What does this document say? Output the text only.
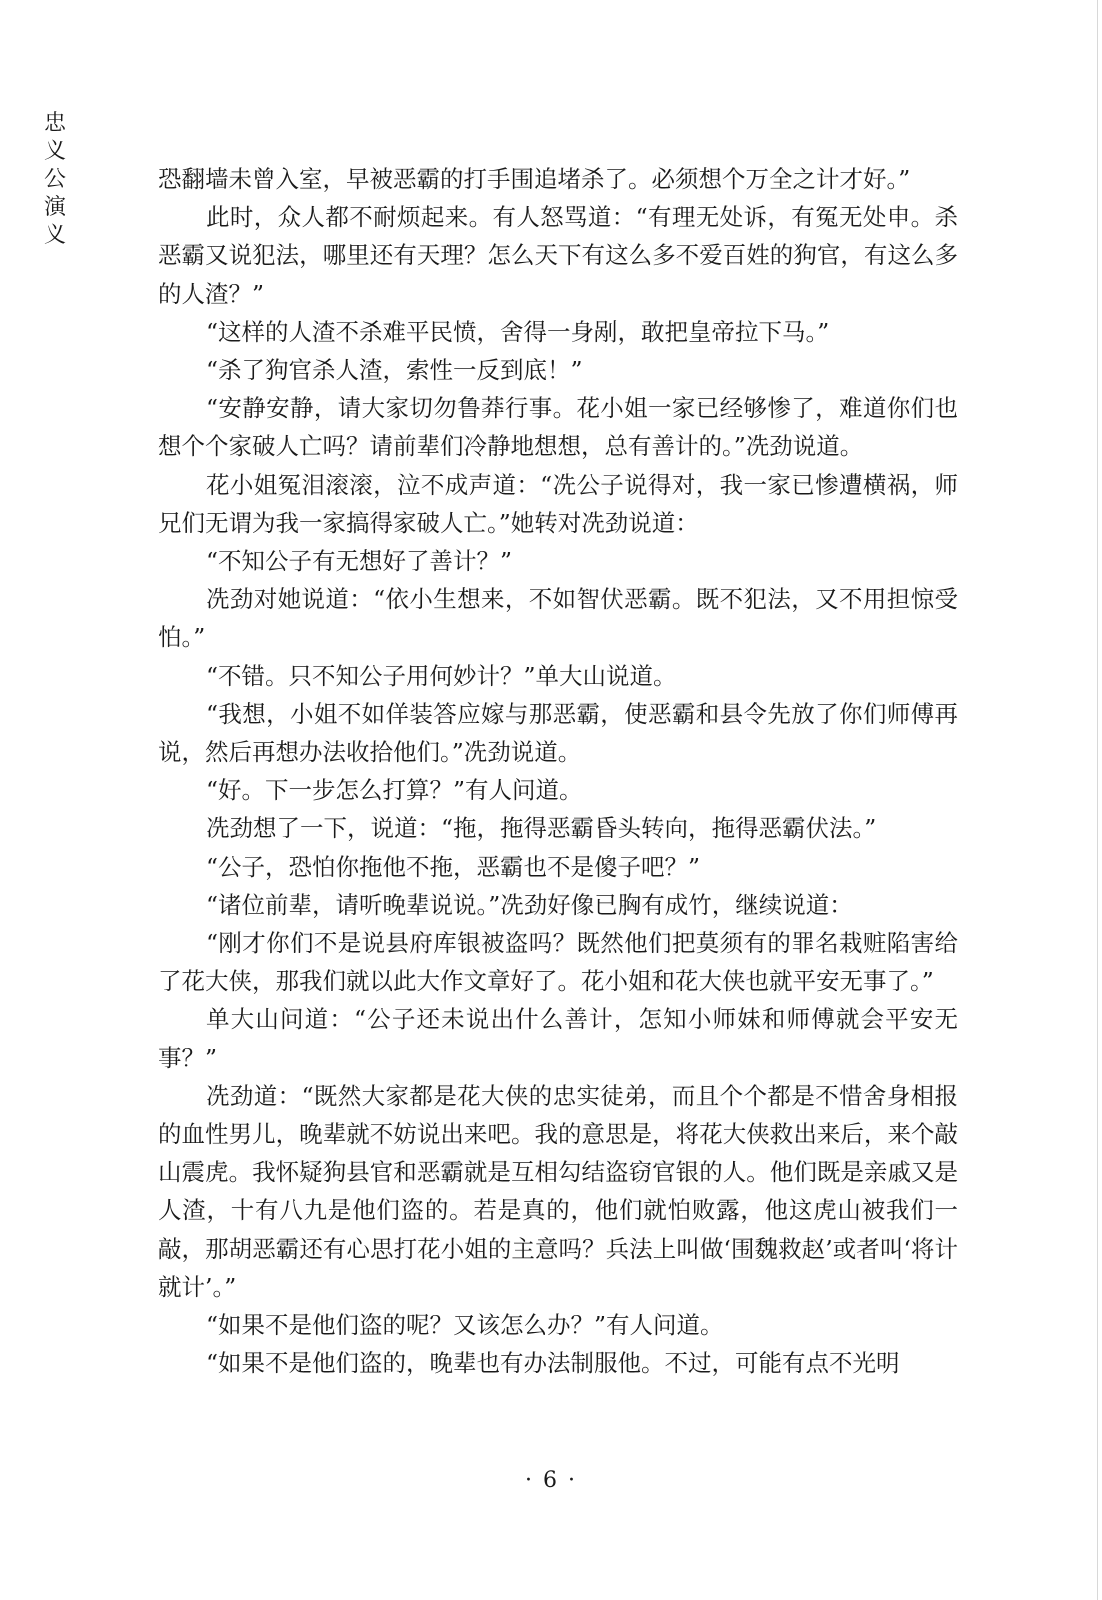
忠
义
公
演
义

恐翻墙未曾入室，早被恶霸的打手围追堵杀了。必须想个万全之计才好。”

此时，众人都不耐烦起来。有人怒骂道：“有理无处诉，有冤无处申。杀恶霸又说犯法，哪里还有天理？怎么天下有这么多不爱百姓的狗官，有这么多的人渣？”

“这样的人渣不杀难平民愤，舍得一身剐，敢把皇帝拉下马。”

“杀了狗官杀人渣，索性一反到底！”

“安静安静，请大家切勿鲁莽行事。花小姐一家已经够惨了，难道你们也想个个家破人亡吗？请前辈们冷静地想想，总有善计的。”冼劲说道。

花小姐冤泪滚滚，泣不成声道：“冼公子说得对，我一家已惨遭横祸，师兄们无谓为我一家搞得家破人亡。”她转对冼劲说道：

“不知公子有无想好了善计？”

冼劲对她说道：“依小生想来，不如智伏恶霸。既不犯法，又不用担惊受怕。”

“不错。只不知公子用何妙计？”单大山说道。

“我想，小姐不如佯装答应嫁与那恶霸，使恶霸和县令先放了你们师傅再说，然后再想办法收拾他们。”冼劲说道。

“好。下一步怎么打算？”有人问道。

冼劲想了一下，说道：“拖，拖得恶霸昏头转向，拖得恶霸伏法。”

“公子，恐怕你拖他不拖，恶霸也不是傻子吧？”

“诸位前辈，请听晚辈说说。”冼劲好像已胸有成竹，继续说道：

“刚才你们不是说县府库银被盗吗？既然他们把莫须有的罪名栽赃陷害给了花大侠，那我们就以此大作文章好了。花小姐和花大侠也就平安无事了。”

单大山问道：“公子还未说出什么善计，怎知小师妹和师傅就会平安无事？”

冼劲道：“既然大家都是花大侠的忠实徒弟，而且个个都是不惜舍身相报的血性男儿，晚辈就不妨说出来吧。我的意思是，将花大侠救出来后，来个敲山震虎。我怀疑狗县官和恶霸就是互相勾结盗窃官银的人。他们既是亲戚又是人渣，十有八九是他们盗的。若是真的，他们就怕败露，他这虎山被我们一敲，那胡恶霸还有心思打花小姐的主意吗？兵法上叫做‘围魏救赵’或者叫‘将计就计’。”

“如果不是他们盗的呢？又该怎么办？”有人问道。

“如果不是他们盗的，晚辈也有办法制服他。不过，可能有点不光明

· 6 ·
